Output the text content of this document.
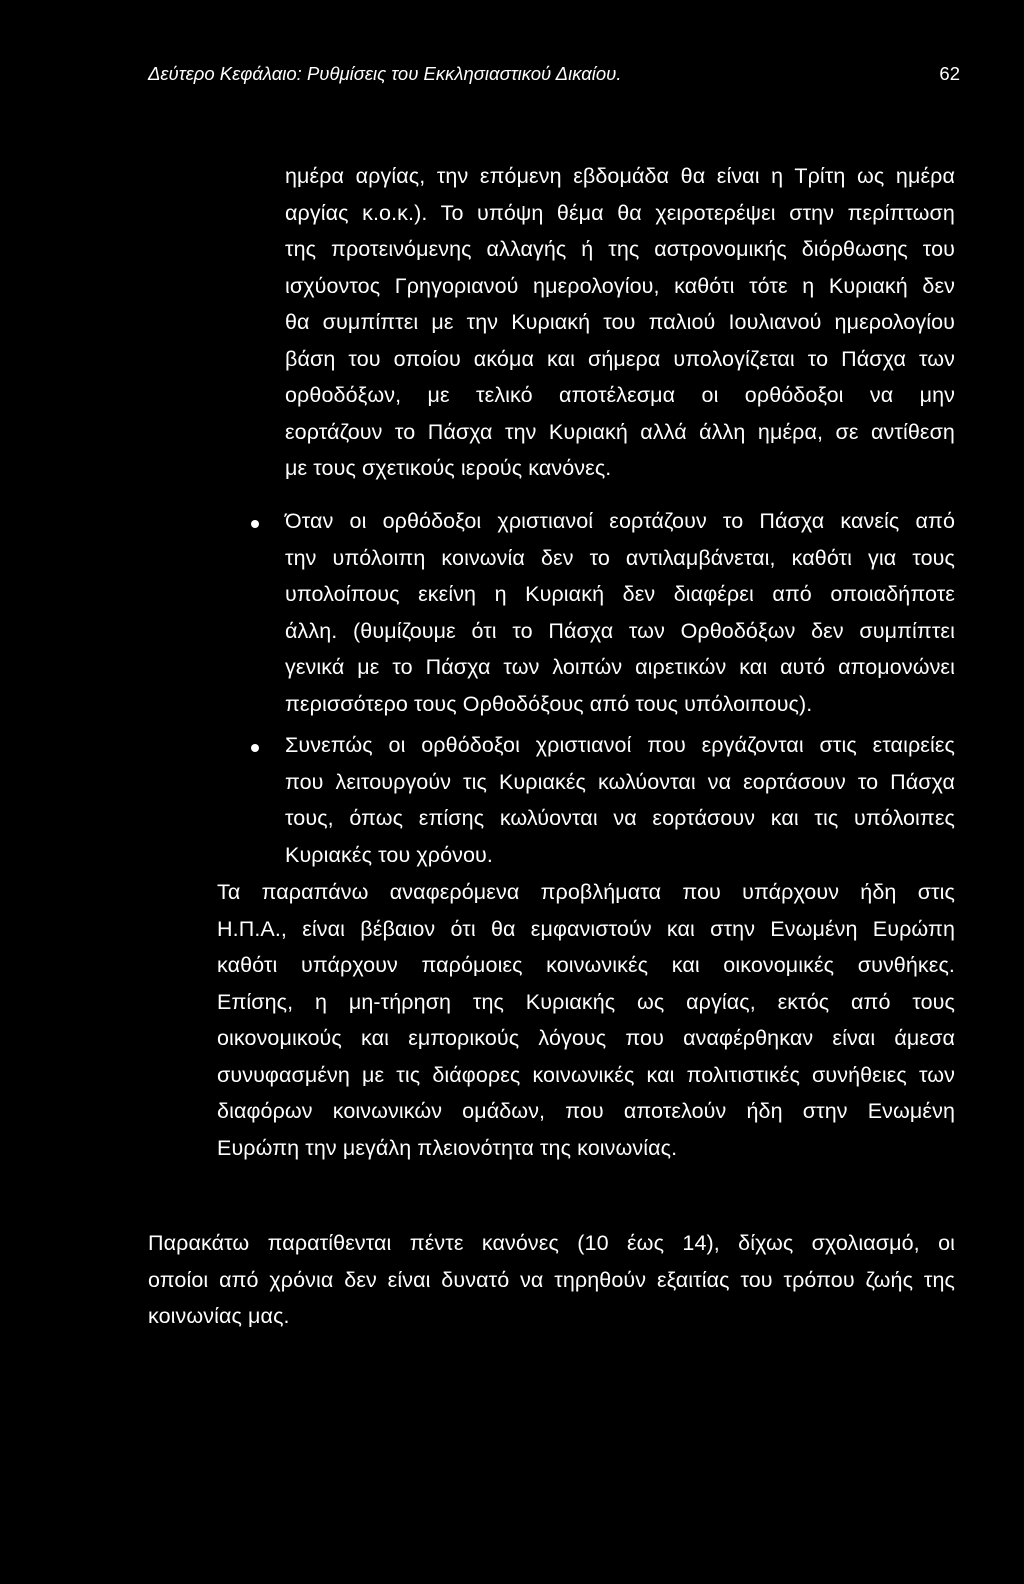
Δεύτερο Κεφάλαιο: Ρυθμίσεις του Εκκλησιαστικού Δικαίου.	62
ημέρα αργίας, την επόμενη εβδομάδα θα είναι η Τρίτη ως ημέρα
αργίας κ.ο.κ.). Το υπόψη θέμα θα χειροτερέψει στην περίπτωση
της προτεινόμενης αλλαγής ή της αστρονομικής διόρθωσης του
ισχύοντος Γρηγοριανού ημερολογίου, καθότι τότε η Κυριακή δεν
θα συμπίπτει με την Κυριακή του παλιού Ιουλιανού ημερολογίου
βάση του οποίου ακόμα και σήμερα υπολογίζεται το Πάσχα των
ορθοδόξων, με τελικό αποτέλεσμα οι ορθόδοξοι να μην
εορτάζουν το Πάσχα την Κυριακή αλλά άλλη ημέρα, σε αντίθεση
με τους σχετικούς ιερούς κανόνες.
Όταν οι ορθόδοξοι χριστιανοί εορτάζουν το Πάσχα κανείς από
την υπόλοιπη κοινωνία δεν το αντιλαμβάνεται, καθότι για τους
υπολοίπους εκείνη η Κυριακή δεν διαφέρει από οποιαδήποτε
άλλη. (θυμίζουμε ότι το Πάσχα των Ορθοδόξων δεν συμπίπτει
γενικά με το Πάσχα των λοιπών αιρετικών και αυτό απομονώνει
περισσότερο τους Ορθοδόξους από τους υπόλοιπους).
Συνεπώς οι ορθόδοξοι χριστιανοί που εργάζονται στις εταιρείες
που λειτουργούν τις Κυριακές κωλύονται να εορτάσουν το Πάσχα
τους, όπως επίσης κωλύονται να εορτάσουν και τις υπόλοιπες
Κυριακές του χρόνου.
Τα παραπάνω αναφερόμενα προβλήματα που υπάρχουν ήδη στις
Η.Π.Α., είναι βέβαιον ότι θα εμφανιστούν και στην Ενωμένη Ευρώπη
καθότι υπάρχουν παρόμοιες κοινωνικές και οικονομικές συνθήκες.
Επίσης, η μη-τήρηση της Κυριακής ως αργίας, εκτός από τους
οικονομικούς και εμπορικούς λόγους που αναφέρθηκαν είναι άμεσα
συνυφασμένη με τις διάφορες κοινωνικές και πολιτιστικές συνήθειες των
διαφόρων κοινωνικών ομάδων, που αποτελούν ήδη στην Ενωμένη
Ευρώπη την μεγάλη πλειονότητα της κοινωνίας.
Παρακάτω παρατίθενται πέντε κανόνες (10 έως 14), δίχως σχολιασμό, οι
οποίοι από χρόνια δεν είναι δυνατό να τηρηθούν εξαιτίας του τρόπου ζωής της
κοινωνίας μας.
